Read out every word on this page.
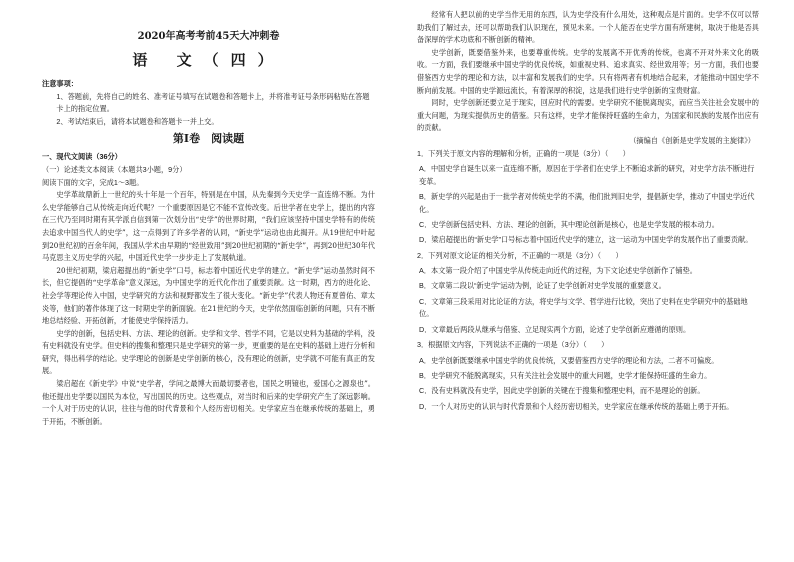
2020年高考考前45天大冲刺卷
语 文（四）
注意事项：
1、答题前，先将自己的姓名、准考证号填写在试题卷和答题卡上，并将准考证号条形码粘贴在答题卡上的指定位置。
2、考试结束后，请将本试题卷和答题卡一并上交。
第Ⅰ卷　阅读题
一、现代文阅读（36分）
（一）论述类文本阅读（本题共3小题，9分）
阅读下面的文字，完成1～3题。
史学革故鼎新上一世纪的头十年是一个百年，特别是在中国，从先秦到今天史学一直连绵不断。为什么史学能够自己从传统走向近代呢？一个重要原因是它不能不宣传改变。后世学者在史学上，提出的内容在三代乃至同时期有其学派自信到第一次划分出“史学”的世界时期，“我们应该坚持中国史学特有的传统去追求中国当代人的史学”，这一点得到了许多学者的认同，“新史学”运动也由此揭开。从19世纪中叶起到20世纪初的百余年间，我国从学术由早期的“经世致用”到20世纪初期的“新史学”，再到20世纪30年代马克思主义历史学的兴起，中国近代史学一步步走上了发展轨道。
20世纪初期，梁启超提出的“新史学”口号，标志着中国近代史学的建立。“新史学”运动虽然时间不长，但它提倡的“史学革命”意义深远，为中国史学的近代化作出了重要贡献。这一时期，西方的进化论、社会学等理论传入中国，史学研究的方法和视野都发生了很大变化。“新史学”代表人物还有夏曾佑、章太炎等，他们的著作体现了这一时期史学的新面貌。在21世纪的今天，史学依然面临创新的问题，只有不断地总结经验、开拓创新，才能使史学保持活力。
史学的创新，包括史料、方法、理论的创新。史学和文学、哲学不同，它是以史料为基础的学科，没有史料就没有史学。但史料的搜集和整理只是史学研究的第一步，更重要的是在史料的基础上进行分析和研究，得出科学的结论。史学理论的创新是史学创新的核心，没有理论的创新，史学就不可能有真正的发展。
梁启超在《新史学》中说“史学者，学问之最博大而最切要者也，国民之明镜也，爱国心之源泉也”。他还提出史学要以国民为本位，写出国民的历史。这些观点，对当时和后来的史学研究产生了深远影响。一个人对于历史的认识，往往与他的时代背景和个人经历密切相关。史学家应当在继承传统的基础上，勇于开拓，不断创新。
经常有人把以前的史学当作无用的东西，认为史学没有什么用处，这种观点是片面的。史学不仅可以帮助我们了解过去，还可以帮助我们认识现在，预见未来。一个人能否在史学方面有所建树，取决于他是否具备深厚的学术功底和不断创新的精神。
史学创新，既要借鉴外来，也要尊重传统。史学的发展离不开优秀的传统，也离不开对外来文化的吸收。一方面，我们要继承中国史学的优良传统，如重视史料、追求真实、经世致用等；另一方面，我们也要借鉴西方史学的理论和方法，以丰富和发展我们的史学。只有将两者有机地结合起来，才能推动中国史学不断向前发展。中国的史学源远流长，有着深厚的积淀，这是我们进行史学创新的宝贵财富。
同时，史学创新还要立足于现实，回应时代的需要。史学研究不能脱离现实，而应当关注社会发展中的重大问题，为现实提供历史的借鉴。只有这样，史学才能保持旺盛的生命力，为国家和民族的发展作出应有的贡献。
（摘编自《创新是史学发展的主旋律》）
1．下列关于原文内容的理解和分析，正确的一项是（3分）（　　）
A．中国史学自诞生以来一直连绵不断，原因在于学者们在史学上不断追求新的研究，对史学方法不断进行变革。
B．新史学的兴起是由于一批学者对传统史学的不满，他们批判旧史学，提倡新史学，推动了中国史学近代化。
C．史学创新包括史料、方法、理论的创新，其中理论创新是核心，也是史学发展的根本动力。
D．梁启超提出的“新史学”口号标志着中国近代史学的建立，这一运动为中国史学的发展作出了重要贡献。
2．下列对原文论证的相关分析，不正确的一项是（3分）（　　）
A．本文第一段介绍了中国史学从传统走向近代的过程，为下文论述史学创新作了铺垫。
B．文章第二段以“新史学”运动为例，论证了史学创新对史学发展的重要意义。
C．文章第三段采用对比论证的方法，将史学与文学、哲学进行比较，突出了史料在史学研究中的基础地位。
D．文章最后两段从继承与借鉴、立足现实两个方面，论述了史学创新应遵循的原则。
3．根据原文内容，下列说法不正确的一项是（3分）（　　）
A．史学创新既要继承中国史学的优良传统，又要借鉴西方史学的理论和方法，二者不可偏废。
B．史学研究不能脱离现实，只有关注社会发展中的重大问题，史学才能保持旺盛的生命力。
C．没有史料就没有史学，因此史学创新的关键在于搜集和整理史料，而不是理论的创新。
D．一个人对历史的认识与时代背景和个人经历密切相关，史学家应在继承传统的基础上勇于开拓。
